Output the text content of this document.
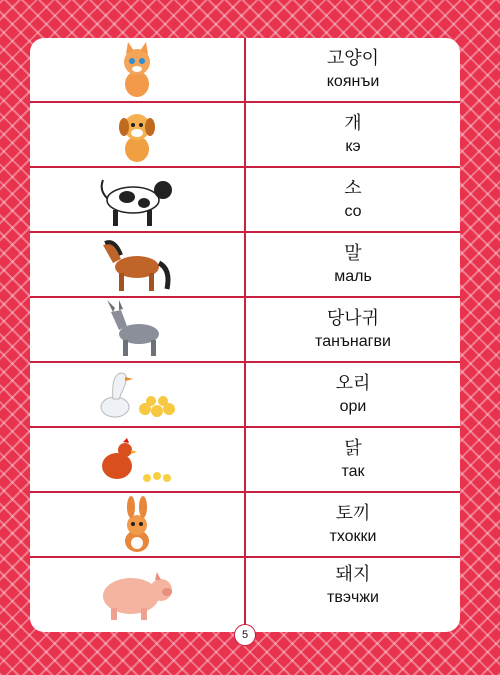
고양이
коянъи
개
кэ
소
со
말
маль
당나귀
танънагви
오리
ори
닭
так
토끼
тхокки
돼지
твэчжи
5
